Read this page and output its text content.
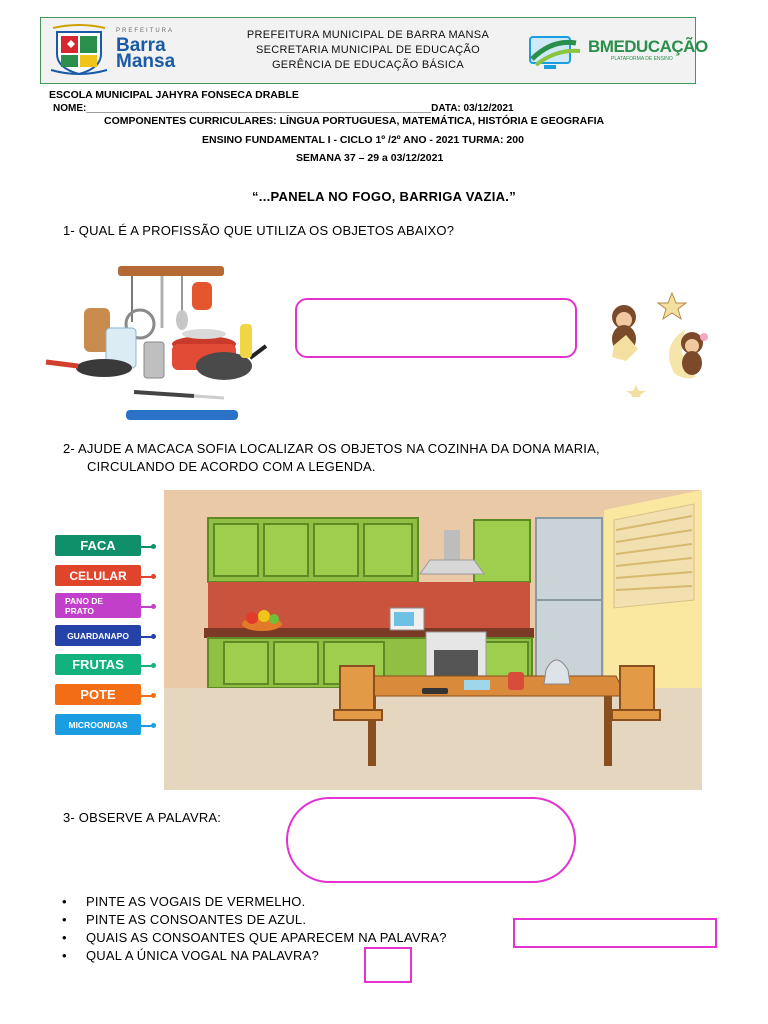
PREFEITURA
Barra
Mansa
PREFEITURA MUNICIPAL DE BARRA MANSA
SECRETARIA MUNICIPAL DE EDUCAÇÃO
GERÊNCIA DE EDUCAÇÃO BÁSICA
BMEDUCAÇÃO
PLATAFORMA DE ENSINO
ESCOLA MUNICIPAL JAHYRA FONSECA DRABLE
NOME:______________________________________________________________DATA: 03/12/2021
COMPONENTES CURRICULARES: LÍNGUA PORTUGUESA, MATEMÁTICA, HISTÓRIA E GEOGRAFIA
ENSINO FUNDAMENTAL I - CICLO 1º /2º ANO - 2021 TURMA: 200
SEMANA 37 – 29 a 03/12/2021
“...PANELA NO FOGO, BARRIGA VAZIA.”
1- QUAL É A PROFISSÃO QUE UTILIZA OS OBJETOS ABAIXO?
2- AJUDE A MACACA SOFIA LOCALIZAR OS OBJETOS NA COZINHA DA DONA MARIA,
CIRCULANDO DE ACORDO COM A LEGENDA.
FACA
CELULAR
PANO DE PRATO
GUARDANAPO
FRUTAS
POTE
MICROONDAS
3- OBSERVE A PALAVRA:
• PINTE AS VOGAIS DE VERMELHO.
• PINTE AS CONSOANTES DE AZUL.
• QUAIS AS CONSOANTES QUE APARECEM NA PALAVRA?
• QUAL A ÚNICA VOGAL NA PALAVRA?
